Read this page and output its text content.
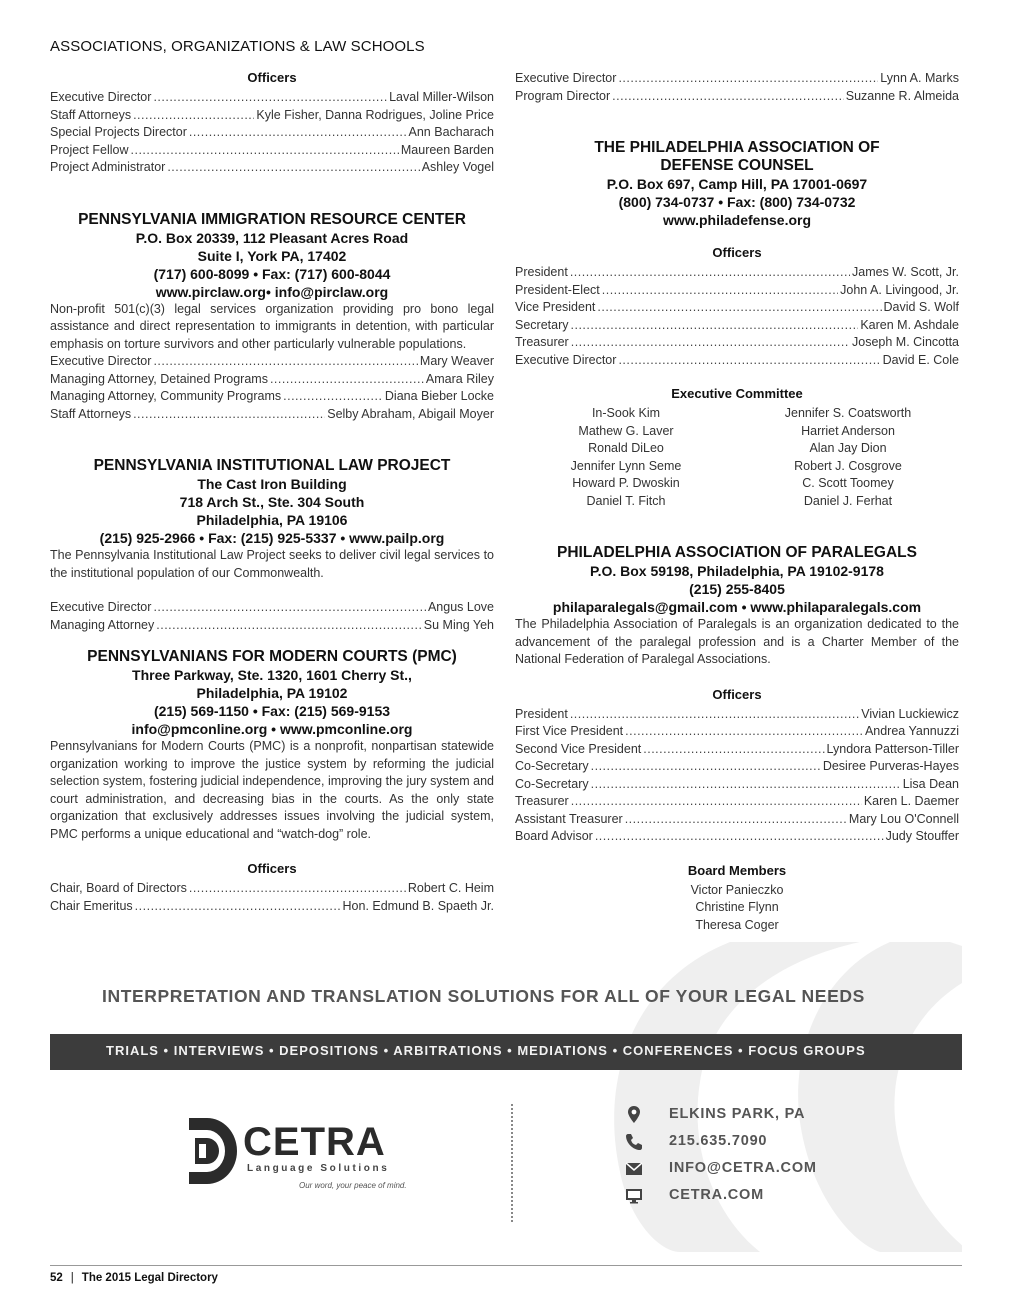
ASSOCIATIONS, ORGANIZATIONS & LAW SCHOOLS
Officers
Executive Director .....	Laval Miller-Wilson
Staff Attorneys .....	Kyle Fisher, Danna Rodrigues, Joline Price
Special Projects Director .....	Ann Bacharach
Project Fellow .....	Maureen Barden
Project Administrator .....	Ashley Vogel
PENNSYLVANIA IMMIGRATION RESOURCE CENTER
P.O. Box 20339, 112 Pleasant Acres Road
Suite I, York PA, 17402
(717) 600-8099 • Fax: (717) 600-8044
www.pirclaw.org• info@pirclaw.org
Non-profit 501(c)(3) legal services organization providing pro bono legal assistance and direct representation to immigrants in detention, with particular emphasis on torture survivors and other particularly vulnerable populations.
Executive Director .....	Mary Weaver
Managing Attorney, Detained Programs .....	Amara Riley
Managing Attorney, Community Programs .....	Diana Bieber Locke
Staff Attorneys .....	Selby Abraham, Abigail Moyer
PENNSYLVANIA INSTITUTIONAL LAW PROJECT
The Cast Iron Building
718 Arch St., Ste. 304 South
Philadelphia, PA 19106
(215) 925-2966 • Fax: (215) 925-5337 • www.pailp.org
The Pennsylvania Institutional Law Project seeks to deliver civil legal services to the institutional population of our Commonwealth.
Executive Director .....	Angus Love
Managing Attorney .....	Su Ming Yeh
PENNSYLVANIANS FOR MODERN COURTS (PMC)
Three Parkway, Ste. 1320, 1601 Cherry St.,
Philadelphia, PA 19102
(215) 569-1150 • Fax: (215) 569-9153
info@pmconline.org • www.pmconline.org
Pennsylvanians for Modern Courts (PMC) is a nonprofit, nonpartisan statewide organization working to improve the justice system by reforming the judicial selection system, fostering judicial independence, improving the jury system and court administration, and decreasing bias in the courts. As the only state organization that exclusively addresses issues involving the judicial system, PMC performs a unique educational and “watch-dog” role.
Officers
Chair, Board of Directors .....	Robert C. Heim
Chair Emeritus .....	Hon. Edmund B. Spaeth Jr.
Executive Director .....	Lynn A. Marks
Program Director .....	Suzanne R. Almeida
THE PHILADELPHIA ASSOCIATION OF
DEFENSE COUNSEL
P.O. Box 697, Camp Hill, PA 17001-0697
(800) 734-0737 • Fax: (800) 734-0732
www.philadefense.org
Officers
President .....	James W. Scott, Jr.
President-Elect .....	John A. Livingood, Jr.
Vice President .....	David S. Wolf
Secretary .....	Karen M. Ashdale
Treasurer .....	Joseph M. Cincotta
Executive Director .....	David E. Cole
Executive Committee
In-Sook Kim
Mathew G. Laver
Ronald DiLeo
Jennifer Lynn Seme
Howard P. Dwoskin
Daniel T. Fitch
Jennifer S. Coatsworth
Harriet Anderson
Alan Jay Dion
Robert J. Cosgrove
C. Scott Toomey
Daniel J. Ferhat
PHILADELPHIA ASSOCIATION OF PARALEGALS
P.O. Box 59198, Philadelphia, PA 19102-9178
(215) 255-8405
philaparalegals@gmail.com • www.philaparalegals.com
The Philadelphia Association of Paralegals is an organization dedicated to the advancement of the paralegal profession and is a Charter Member of the National Federation of Paralegal Associations.
Officers
President .....	Vivian Luckiewicz
First Vice President .....	Andrea Yannuzzi
Second Vice President .....	Lyndora Patterson-Tiller
Co-Secretary .....	Desiree Purveras-Hayes
Co-Secretary .....	Lisa Dean
Treasurer .....	Karen L. Daemer
Assistant Treasurer .....	Mary Lou O'Connell
Board Advisor .....	Judy Stouffer
Board Members
Victor Panieczko
Christine Flynn
Theresa Coger
INTERPRETATION AND TRANSLATION SOLUTIONS FOR ALL OF YOUR LEGAL NEEDS
TRIALS • INTERVIEWS • DEPOSITIONS • ARBITRATIONS • MEDIATIONS • CONFERENCES • FOCUS GROUPS
CETRA
Language Solutions
Our word, your peace of mind.
ELKINS PARK, PA
215.635.7090
INFO@CETRA.COM
CETRA.COM
52 | The 2015 Legal Directory
